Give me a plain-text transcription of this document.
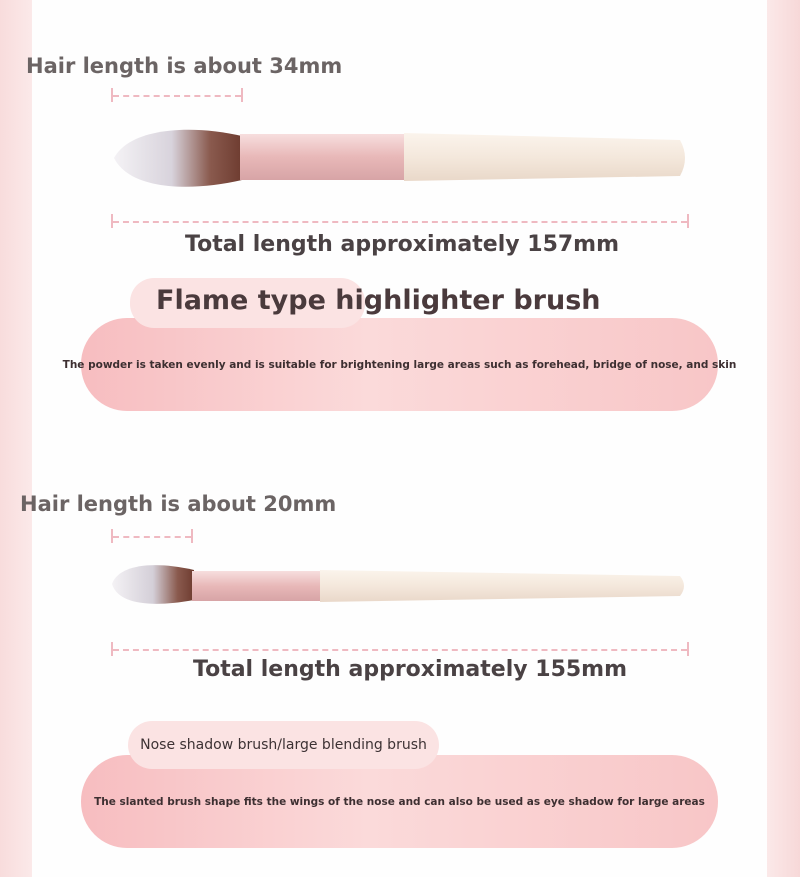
Hair length is about 34mm
Total length approximately 157mm
The powder is taken evenly and is suitable for brightening large areas such as forehead, bridge of nose, and skin
Flame type highlighter brush
Hair length is about 20mm
Total length approximately 155mm
The slanted brush shape fits the wings of the nose and can also be used as eye shadow for large areas
Nose shadow brush/large blending brush
